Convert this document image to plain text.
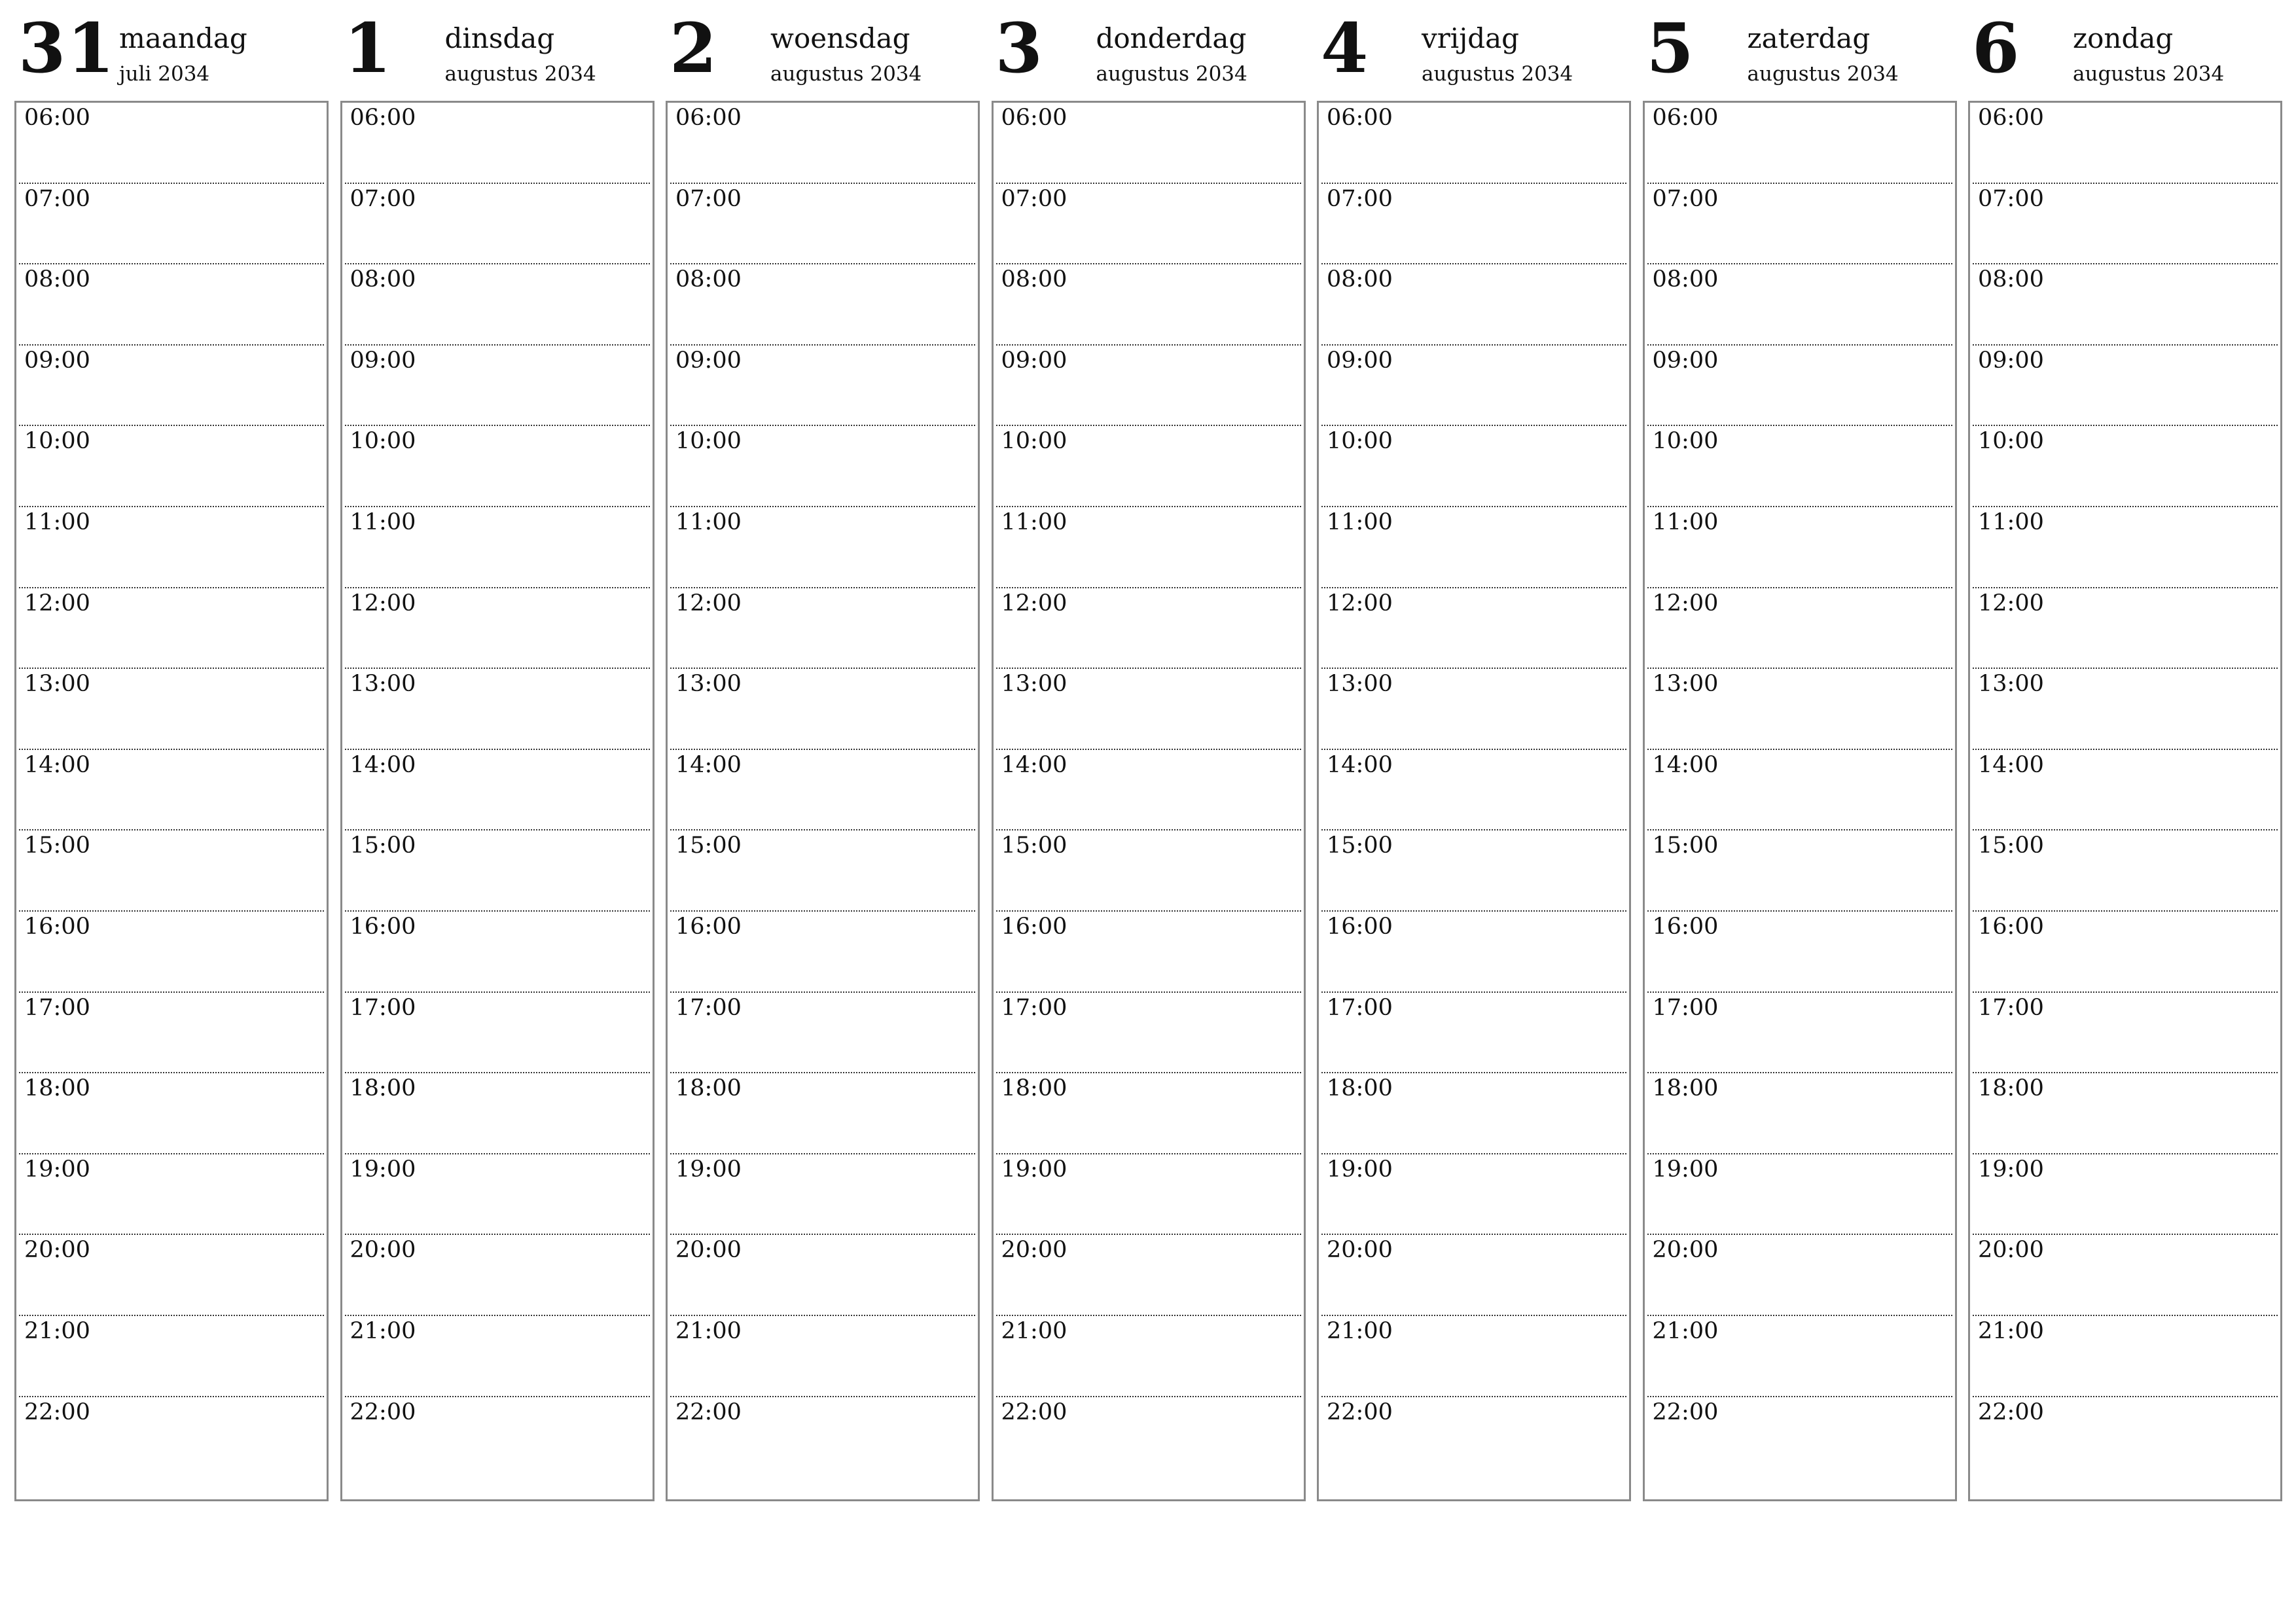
31 maandag
juli 2034
06:00
07:00
08:00
09:00
10:00
11:00
12:00
13:00
14:00
15:00
16:00
17:00
18:00
19:00
20:00
21:00
22:00
1 dinsdag
augustus 2034
06:00
07:00
08:00
09:00
10:00
11:00
12:00
13:00
14:00
15:00
16:00
17:00
18:00
19:00
20:00
21:00
22:00
2 woensdag
augustus 2034
06:00
07:00
08:00
09:00
10:00
11:00
12:00
13:00
14:00
15:00
16:00
17:00
18:00
19:00
20:00
21:00
22:00
3 donderdag
augustus 2034
06:00
07:00
08:00
09:00
10:00
11:00
12:00
13:00
14:00
15:00
16:00
17:00
18:00
19:00
20:00
21:00
22:00
4 vrijdag
augustus 2034
06:00
07:00
08:00
09:00
10:00
11:00
12:00
13:00
14:00
15:00
16:00
17:00
18:00
19:00
20:00
21:00
22:00
5 zaterdag
augustus 2034
06:00
07:00
08:00
09:00
10:00
11:00
12:00
13:00
14:00
15:00
16:00
17:00
18:00
19:00
20:00
21:00
22:00
6 zondag
augustus 2034
06:00
07:00
08:00
09:00
10:00
11:00
12:00
13:00
14:00
15:00
16:00
17:00
18:00
19:00
20:00
21:00
22:00
